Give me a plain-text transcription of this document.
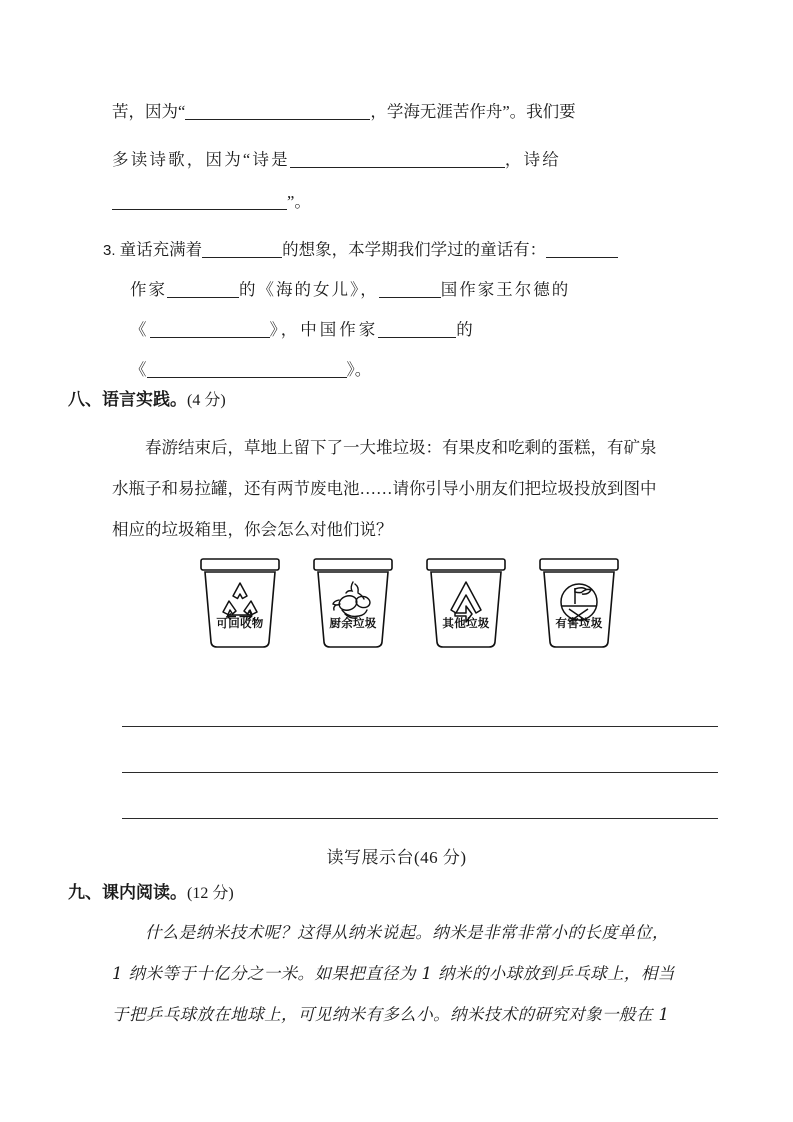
苦，因为“	，学海无涯苦作舟”。我们要
多读诗歌，因为“诗是	，诗给
”。
3. 童话充满着	的想象，本学期我们学过的童话有：
作家	的《海的女儿》，	国作家王尔德的
《	》，中国作家	的
《	》。
八、语言实践。(4 分)
春游结束后，草地上留下了一大堆垃圾：有果皮和吃剩的蛋糕，有矿泉
水瓶子和易拉罐，还有两节废电池……请你引导小朋友们把垃圾投放到图中
相应的垃圾箱里，你会怎么对他们说？
可回收物	厨余垃圾	其他垃圾	有害垃圾
读写展示台(46 分)
九、课内阅读。(12 分)
什么是纳米技术呢？这得从纳米说起。纳米是非常非常小的长度单位，
1 纳米等于十亿分之一米。如果把直径为 1 纳米的小球放到乒乓球上，相当
于把乒乓球放在地球上，可见纳米有多么小。纳米技术的研究对象一般在 1
